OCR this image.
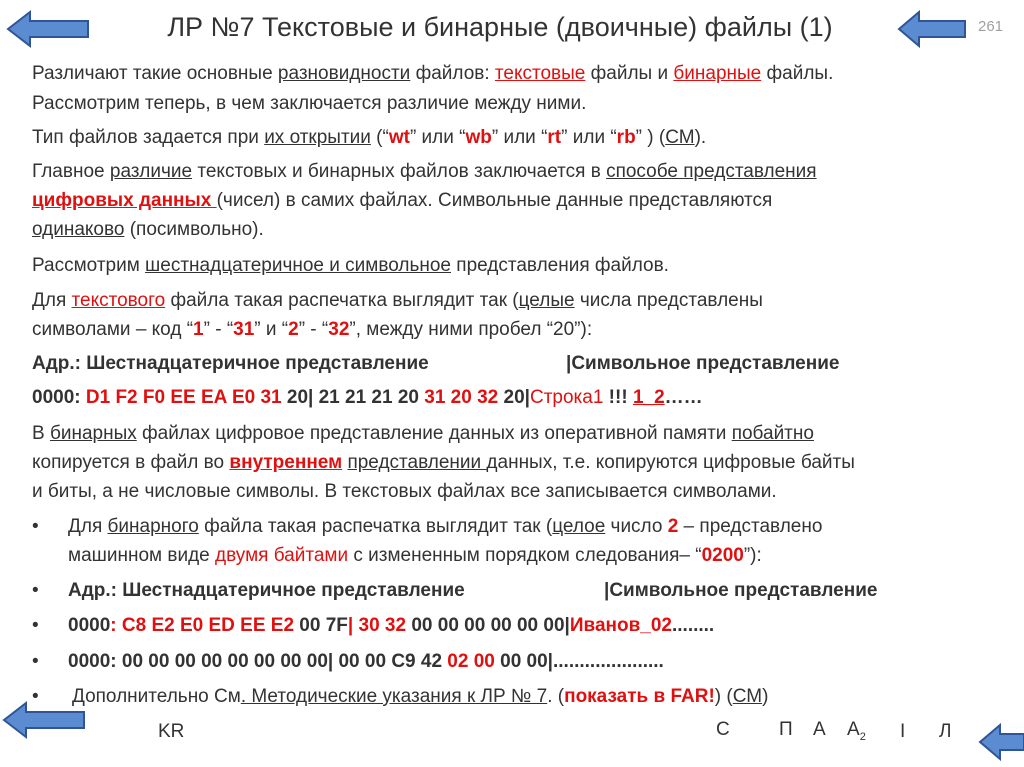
ЛР №7 Текстовые и бинарные (двоичные) файлы (1)	261
Различают такие основные разновидности файлов: текстовые файлы и бинарные файлы.
Рассмотрим теперь, в чем заключается различие между ними.
Тип файлов задается при их открытии (“wt” или “wb” или “rt” или “rb” ) (СМ).
Главное различие текстовых и бинарных файлов заключается в способе представления
цифровых данных (чисел) в самих файлах. Символьные данные представляются
одинаково (посимвольно).
Рассмотрим шестнадцатеричное и символьное представления файлов.
Для текстового файла такая распечатка выглядит так (целые числа представлены
символами – код “1” - “31” и “2” - “32”, между ними пробел “20”):
Адр.: Шестнадцатеричное представление	|Символьное представление
0000: D1 F2 F0 EE EA E0 31 20| 21 21 21 20 31 20 32 20|Строка1 !!! 1_2……
В бинарных файлах цифровое представление данных из оперативной памяти побайтно
копируется в файл во внутреннем представлении данных, т.е. копируются цифровые байты
и биты, а не числовые символы. В текстовых файлах все записывается символами.
• Для бинарного файла такая распечатка выглядит так (целое число 2 – представлено
машинном виде двумя байтами с измененным порядком следования– “0200”):
• Адр.: Шестнадцатеричное представление	|Символьное представление
• 0000: C8 E2 E0 ED EE E2 00 7F| 30 32 00 00 00 00 00 00|Иванов_02........
• 0000: 00 00 00 00 00 00 00 00| 00 00 C9 42 02 00 00 00|.....................
• Дополнительно См. Методические указания к ЛР № 7. (показать в FAR!) (СМ)
KR	С	П А $А_2$ I Л
